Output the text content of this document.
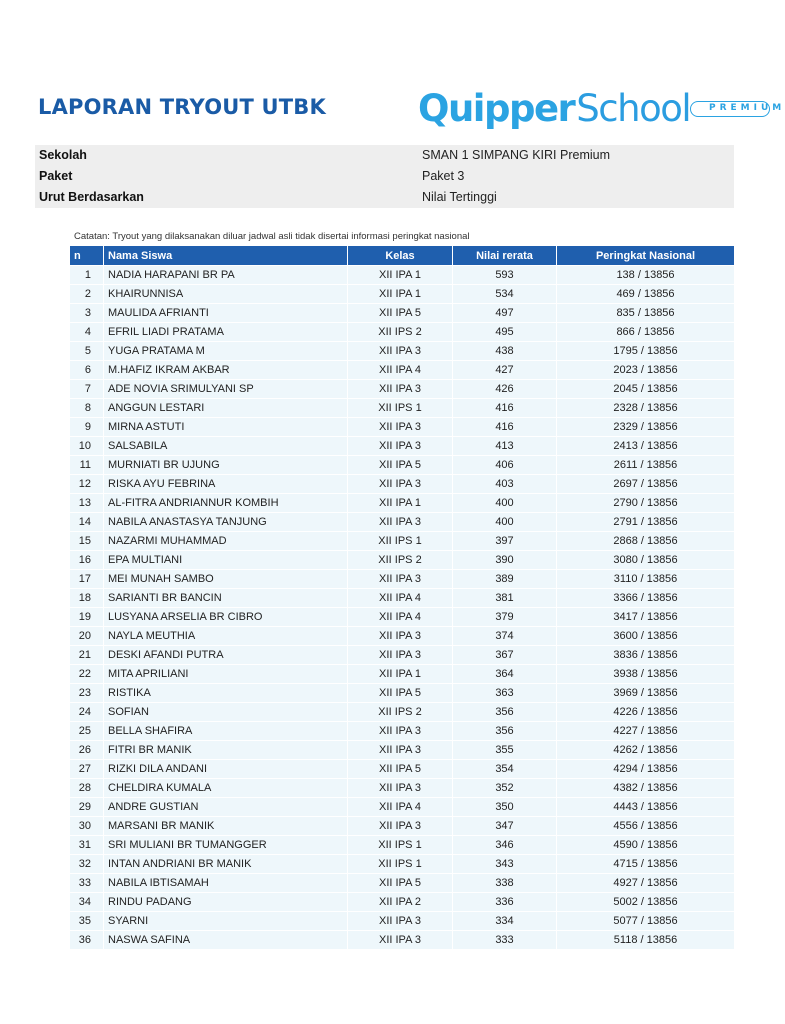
LAPORAN TRYOUT UTBK Quipper School	PREMIUM
Sekolah	SMAN 1 SIMPANG KIRI Premium
Paket	Paket 3
Urut Berdasarkan	Nilai Tertinggi
Catatan: Tryout yang dilaksanakan diluar jadwal asli tidak disertai informasi peringkat nasional
n	Nama Siswa	Kelas	Nilai rerata	Peringkat Nasional
1	NADIA HARAPANI BR PA	XII IPA 1	593	138 / 13856
2	KHAIRUNNISA	XII IPA 1	534	469 / 13856
3	MAULIDA AFRIANTI	XII IPA 5	497	835 / 13856
4	EFRIL LIADI PRATAMA	XII IPS 2	495	866 / 13856
5	YUGA PRATAMA M	XII IPA 3	438	1795 / 13856
6	M.HAFIZ IKRAM AKBAR	XII IPA 4	427	2023 / 13856
7	ADE NOVIA SRIMULYANI SP	XII IPA 3	426	2045 / 13856
8	ANGGUN LESTARI	XII IPS 1	416	2328 / 13856
9	MIRNA ASTUTI	XII IPA 3	416	2329 / 13856
10	SALSABILA	XII IPA 3	413	2413 / 13856
11	MURNIATI BR UJUNG	XII IPA 5	406	2611 / 13856
12	RISKA AYU FEBRINA	XII IPA 3	403	2697 / 13856
13	AL-FITRA ANDRIANNUR KOMBIH	XII IPA 1	400	2790 / 13856
14	NABILA ANASTASYA TANJUNG	XII IPA 3	400	2791 / 13856
15	NAZARMI MUHAMMAD	XII IPS 1	397	2868 / 13856
16	EPA MULTIANI	XII IPS 2	390	3080 / 13856
17	MEI MUNAH SAMBO	XII IPA 3	389	3110 / 13856
18	SARIANTI BR BANCIN	XII IPA 4	381	3366 / 13856
19	LUSYANA ARSELIA BR CIBRO	XII IPA 4	379	3417 / 13856
20	NAYLA MEUTHIA	XII IPA 3	374	3600 / 13856
21	DESKI AFANDI PUTRA	XII IPA 3	367	3836 / 13856
22	MITA APRILIANI	XII IPA 1	364	3938 / 13856
23	RISTIKA	XII IPA 5	363	3969 / 13856
24	SOFIAN	XII IPS 2	356	4226 / 13856
25	BELLA SHAFIRA	XII IPA 3	356	4227 / 13856
26	FITRI BR MANIK	XII IPA 3	355	4262 / 13856
27	RIZKI DILA ANDANI	XII IPA 5	354	4294 / 13856
28	CHELDIRA KUMALA	XII IPA 3	352	4382 / 13856
29	ANDRE GUSTIAN	XII IPA 4	350	4443 / 13856
30	MARSANI BR MANIK	XII IPA 3	347	4556 / 13856
31	SRI MULIANI BR TUMANGGER	XII IPS 1	346	4590 / 13856
32	INTAN ANDRIANI BR MANIK	XII IPS 1	343	4715 / 13856
33	NABILA IBTISAMAH	XII IPA 5	338	4927 / 13856
34	RINDU PADANG	XII IPA 2	336	5002 / 13856
35	SYARNI	XII IPA 3	334	5077 / 13856
36	NASWA SAFINA	XII IPA 3	333	5118 / 13856
